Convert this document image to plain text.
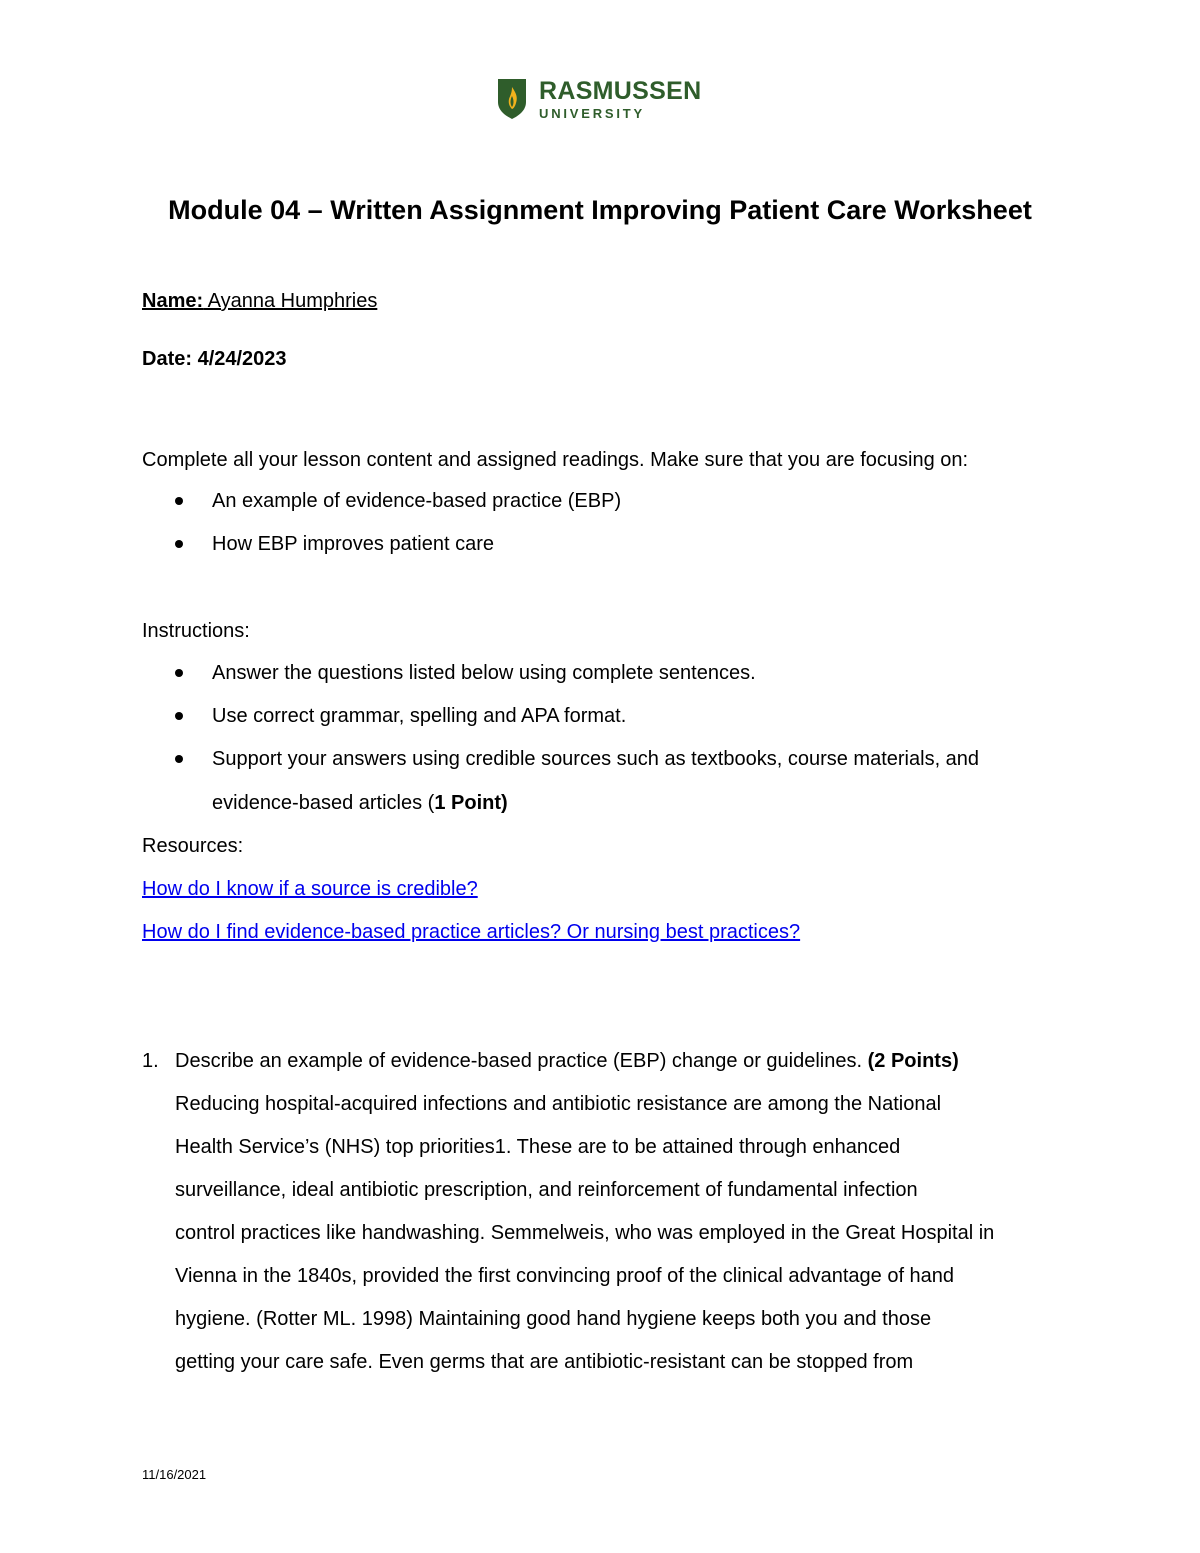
RASMUSSEN
UNIVERSITY
Module 04 – Written Assignment Improving Patient Care Worksheet
Name: Ayanna Humphries
Date: 4/24/2023
Complete all your lesson content and assigned readings. Make sure that you are focusing on:
An example of evidence-based practice (EBP)
How EBP improves patient care
Instructions:
Answer the questions listed below using complete sentences.
Use correct grammar, spelling and APA format.
Support your answers using credible sources such as textbooks, course materials, and
evidence-based articles (1 Point)
Resources:
How do I know if a source is credible?
How do I find evidence-based practice articles? Or nursing best practices?
1. Describe an example of evidence-based practice (EBP) change or guidelines. (2 Points)
Reducing hospital-acquired infections and antibiotic resistance are among the National
Health Service’s (NHS) top priorities1. These are to be attained through enhanced
surveillance, ideal antibiotic prescription, and reinforcement of fundamental infection
control practices like handwashing. Semmelweis, who was employed in the Great Hospital in
Vienna in the 1840s, provided the first convincing proof of the clinical advantage of hand
hygiene. (Rotter ML. 1998) Maintaining good hand hygiene keeps both you and those
getting your care safe. Even germs that are antibiotic-resistant can be stopped from
11/16/2021
